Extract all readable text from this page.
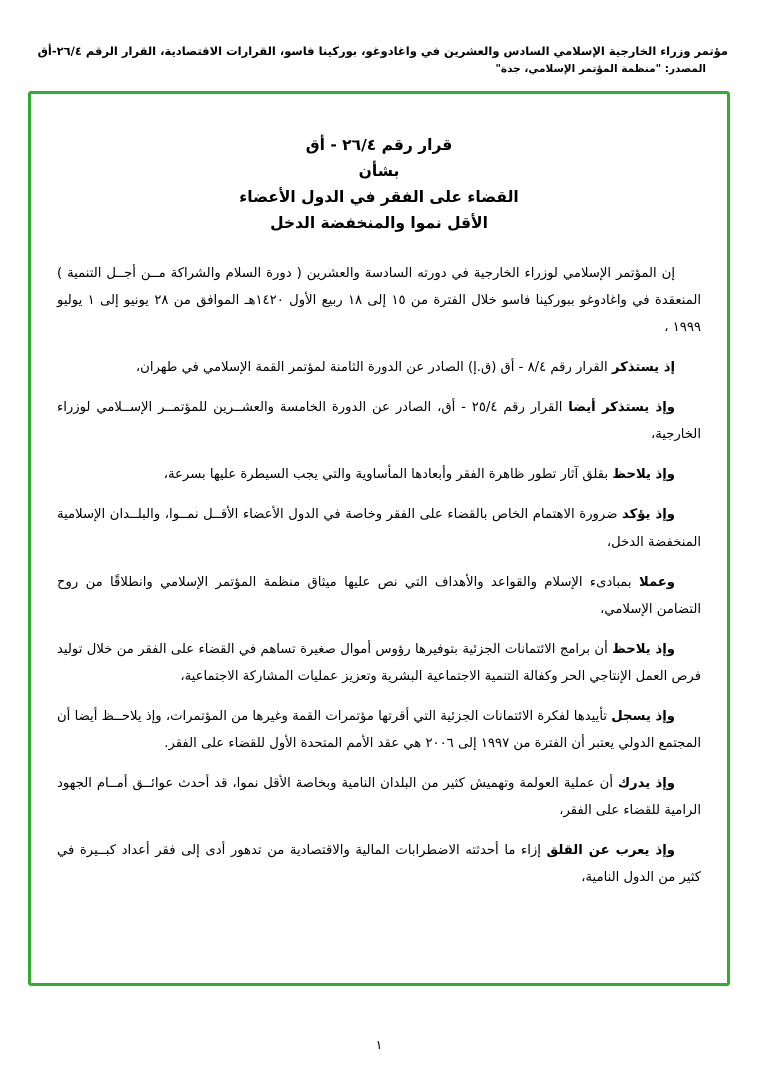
مؤتمر وزراء الخارجية الإسلامي السادس والعشرين في واغادوغو، بوركينا فاسو، القرارات الاقتصادية، القرار الرقم ٢٦/٤-أق
المصدر: "منظمة المؤتمر الإسلامي، جدة"
قرار رقم ٢٦/٤ - أق
بشأن
القضاء على الفقر في الدول الأعضاء
الأقل نموا والمنخفضة الدخل

إن المؤتمر الإسلامي لوزراء الخارجية في دورته السادسة والعشرين ( دورة السلام والشراكة مــن أجــل التنمية ) المنعقدة في واغادوغو ببوركينا فاسو خلال الفترة من ١٥ إلى ١٨ ربيع الأول ١٤٢٠هـ الموافق من ٢٨ يونيو إلى ١ يوليو ١٩٩٩ ،

إذ يستذكر القرار رقم ٨/٤ - أق (ق.إ) الصادر عن الدورة الثامنة لمؤتمر القمة الإسلامي في طهران،

وإذ يستذكر أيضا القرار رقم ٢٥/٤ - أق، الصادر عن الدورة الخامسة والعشــرين للمؤتمــر الإســلامي لوزراء الخارجية،

وإذ يلاحظ بقلق آثار تطور ظاهرة الفقر وأبعادها المأساوية والتي يجب السيطرة عليها بسرعة،

وإذ يؤكد ضرورة الاهتمام الخاص بالقضاء على الفقر وخاصة في الدول الأعضاء الأقــل نمــوا، والبلــدان الإسلامية المنخفضة الدخل،

وعملا بمبادىء الإسلام والقواعد والأهداف التي نص عليها ميثاق منظمة المؤتمر الإسلامي وانطلاقًا من روح التضامن الإسلامي،

وإذ يلاحظ أن برامج الائتمانات الجزئية بتوفيرها رؤوس أموال صغيرة تساهم في القضاء على الفقر من خلال توليد فرص العمل الإنتاجي الحر وكفالة التنمية الاجتماعية البشرية وتعزيز عمليات المشاركة الاجتماعية،

وإذ يسجل تأييدها لفكرة الائتمانات الجزئية التي أقرتها مؤتمرات القمة وغيرها من المؤتمرات، وإذ يلاحــظ أيضا أن المجتمع الدولي يعتبر أن الفترة من ١٩٩٧ إلى ٢٠٠٦ هي عقد الأمم المتحدة الأول للقضاء على الفقر.

وإذ يدرك أن عملية العولمة وتهميش كثير من البلدان النامية وبخاصة الأقل نموا، قد أحدث عوائــق أمــام الجهود الرامية للقضاء على الفقر،

وإذ يعرب عن القلق إزاء ما أحدثته الاضطرابات المالية والاقتصادية من تدهور أدى إلى فقر أعداد كبــيرة في كثير من الدول النامية،

١
